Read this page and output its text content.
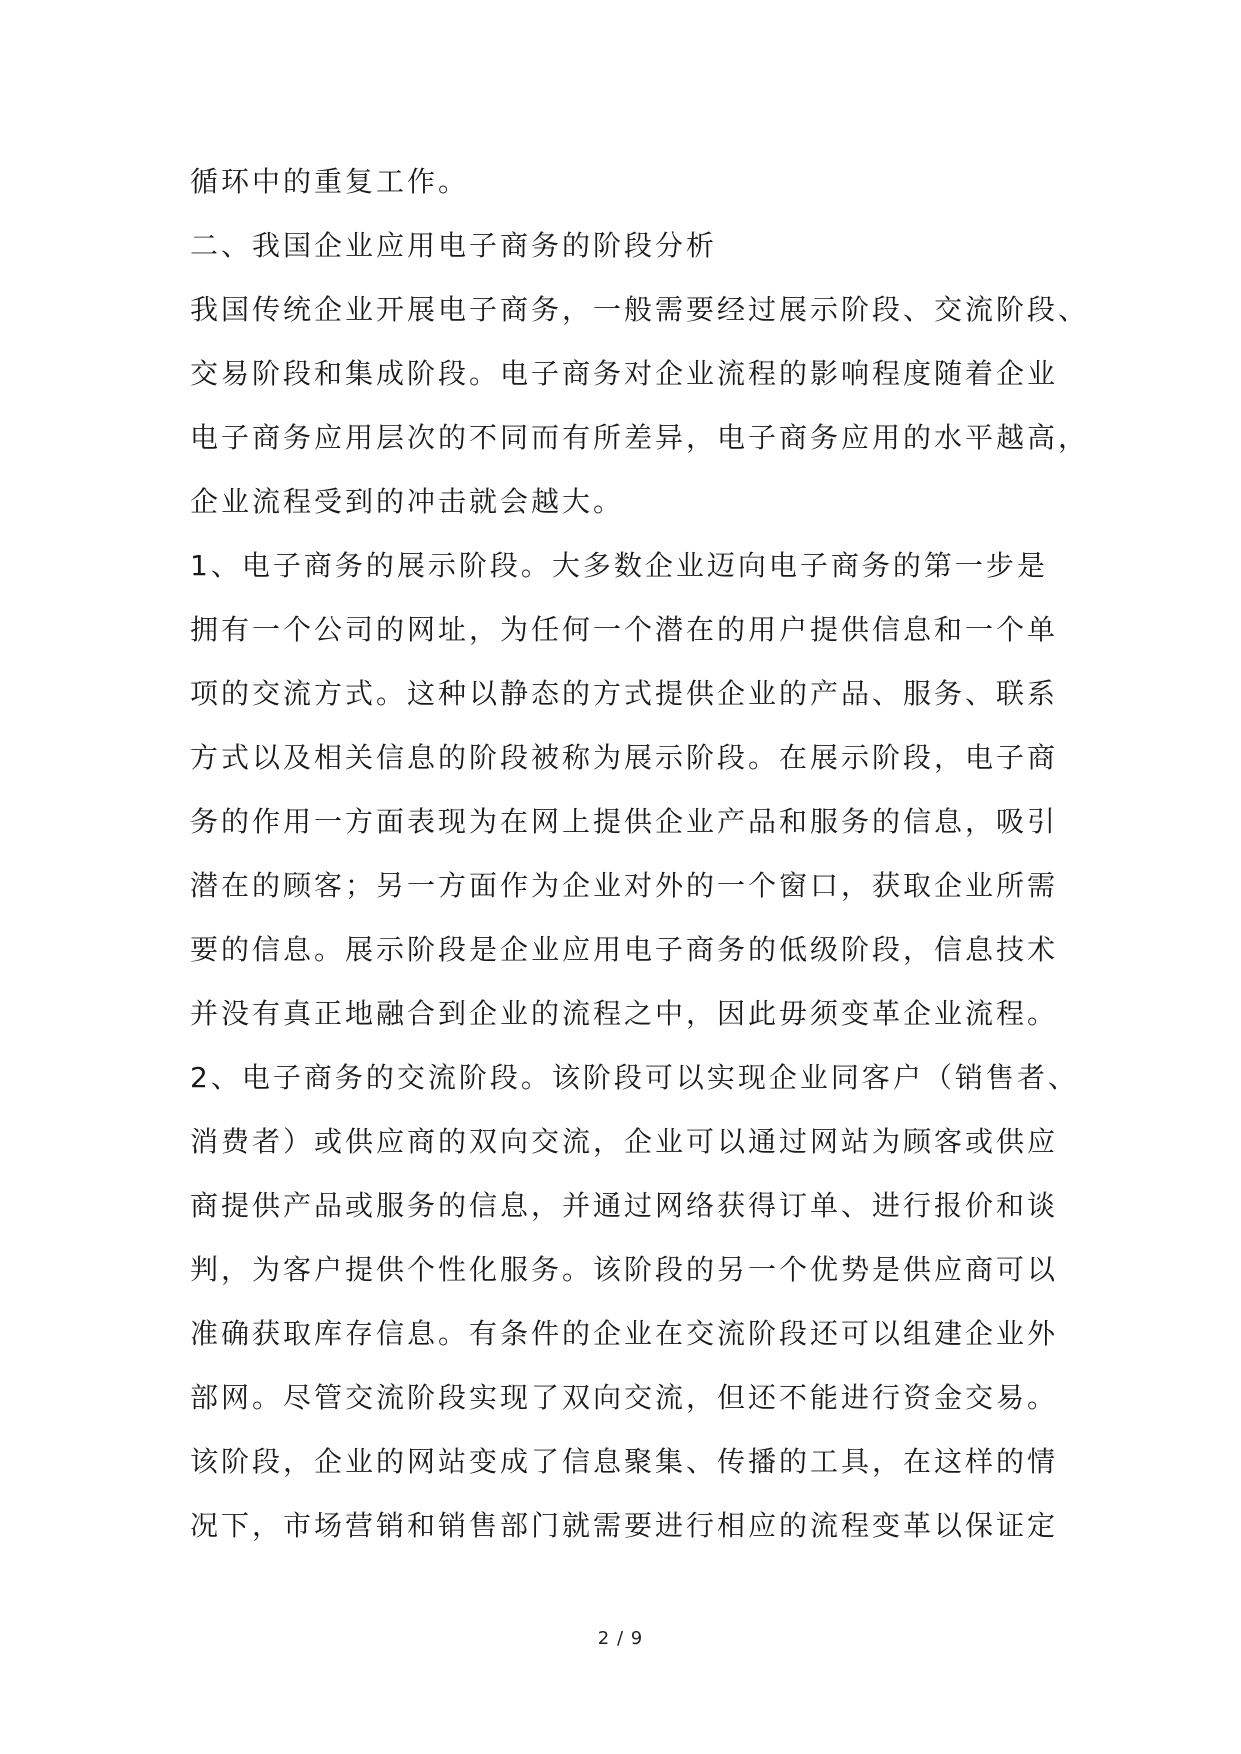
循环中的重复工作。
二、我国企业应用电子商务的阶段分析
我国传统企业开展电子商务，一般需要经过展示阶段、交流阶段、
交易阶段和集成阶段。电子商务对企业流程的影响程度随着企业
电子商务应用层次的不同而有所差异，电子商务应用的水平越高，
企业流程受到的冲击就会越大。
1、电子商务的展示阶段。大多数企业迈向电子商务的第一步是
拥有一个公司的网址，为任何一个潜在的用户提供信息和一个单
项的交流方式。这种以静态的方式提供企业的产品、服务、联系
方式以及相关信息的阶段被称为展示阶段。在展示阶段，电子商
务的作用一方面表现为在网上提供企业产品和服务的信息，吸引
潜在的顾客；另一方面作为企业对外的一个窗口，获取企业所需
要的信息。展示阶段是企业应用电子商务的低级阶段，信息技术
并没有真正地融合到企业的流程之中，因此毋须变革企业流程。
2、电子商务的交流阶段。该阶段可以实现企业同客户（销售者、
消费者）或供应商的双向交流，企业可以通过网站为顾客或供应
商提供产品或服务的信息，并通过网络获得订单、进行报价和谈
判，为客户提供个性化服务。该阶段的另一个优势是供应商可以
准确获取库存信息。有条件的企业在交流阶段还可以组建企业外
部网。尽管交流阶段实现了双向交流，但还不能进行资金交易。
该阶段，企业的网站变成了信息聚集、传播的工具，在这样的情
况下，市场营销和销售部门就需要进行相应的流程变革以保证定
2 / 9
